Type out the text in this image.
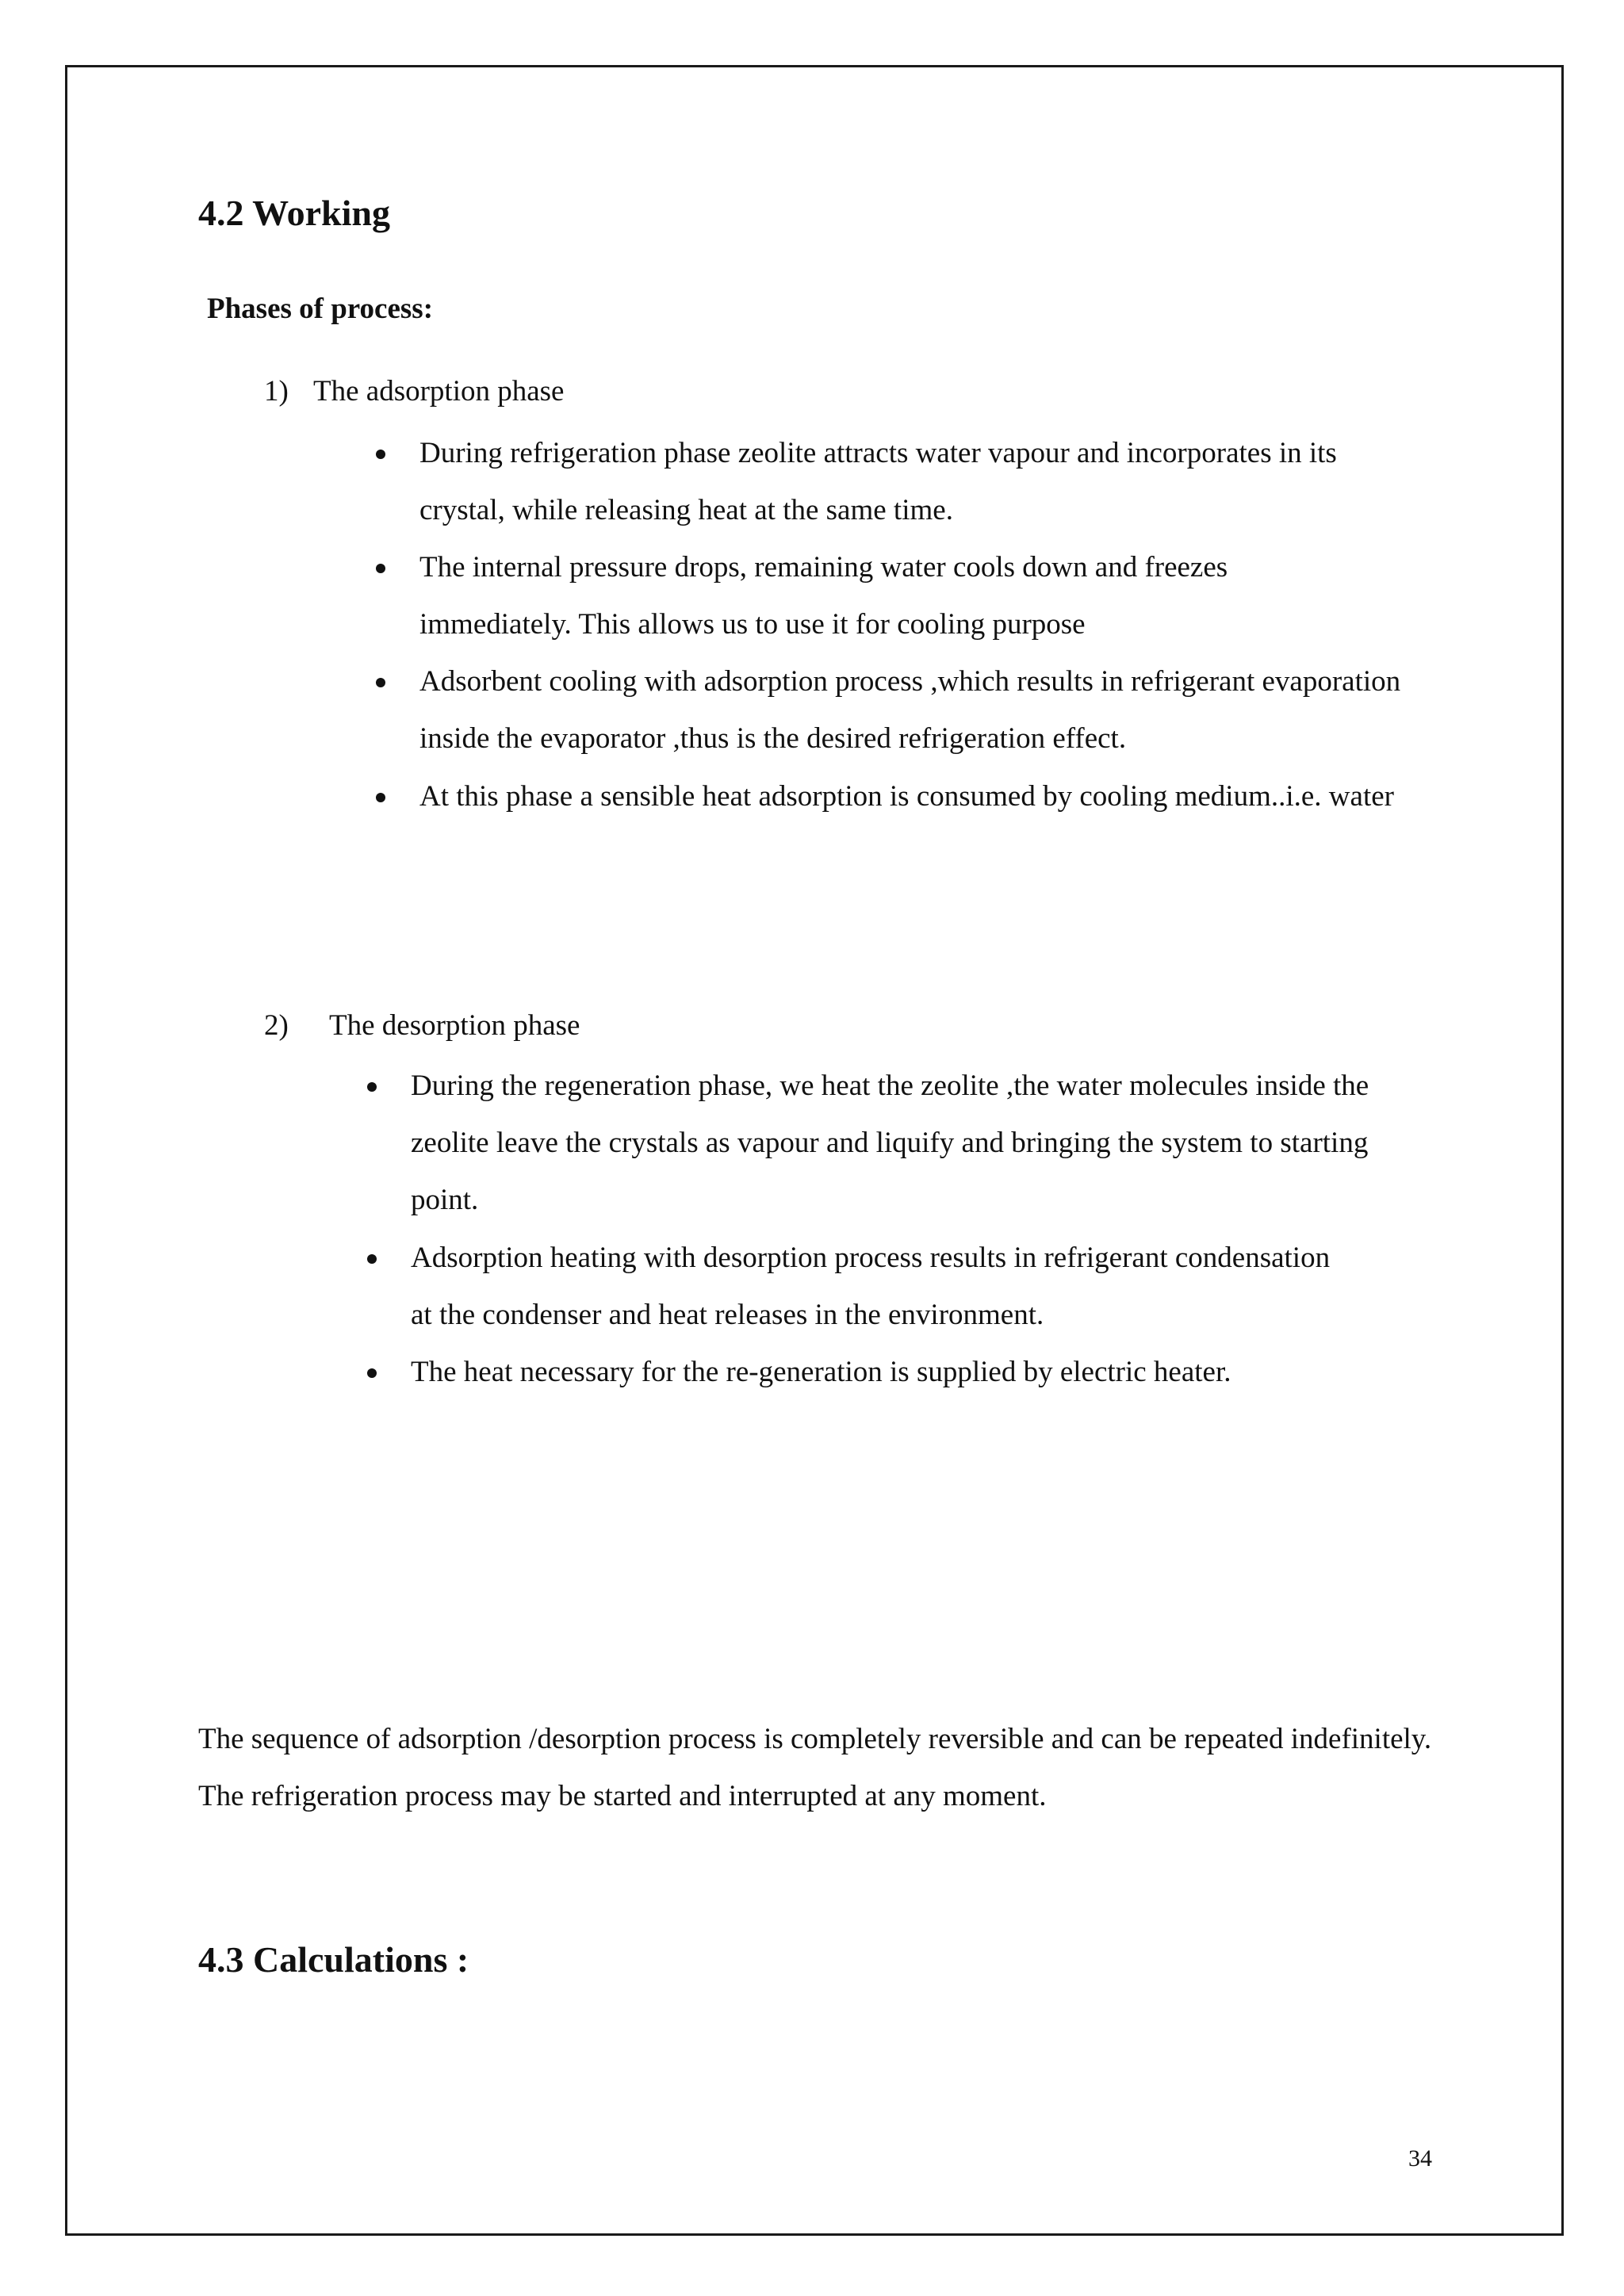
4.2 Working
Phases of process:
1) The adsorption phase
During refrigeration phase zeolite attracts water vapour and incorporates in its crystal, while releasing heat at the same time.
The internal pressure drops, remaining water cools down and freezes immediately. This allows us to use it for cooling purpose
Adsorbent cooling with adsorption process ,which results in refrigerant evaporation inside the evaporator ,thus is the desired refrigeration effect.
At this phase a sensible heat adsorption is consumed by cooling medium..i.e. water
2) The desorption phase
During the regeneration phase, we heat the zeolite ,the water molecules inside the zeolite leave the crystals as vapour and liquify and bringing the system to starting point.
Adsorption heating with desorption process results in refrigerant condensation at the condenser and heat releases in the environment.
The heat necessary for the re-generation is supplied by electric heater.
The sequence of adsorption /desorption process is completely reversible and can be repeated indefinitely. The refrigeration process may be started and interrupted at any moment.
4.3 Calculations :
34
